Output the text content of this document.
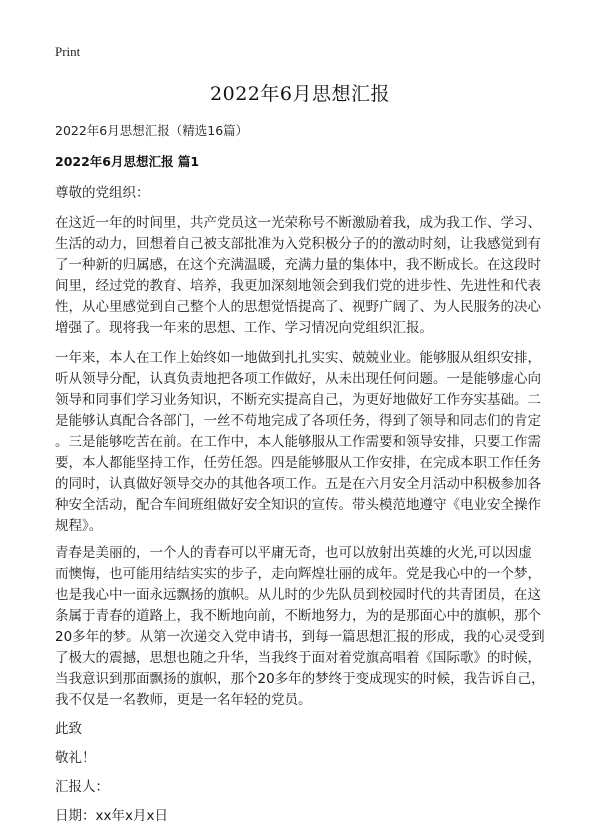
Print
2022年6月思想汇报
2022年6月思想汇报（精选16篇）
2022年6月思想汇报 篇1
尊敬的党组织：
在这近一年的时间里，共产党员这一光荣称号不断激励着我，成为我工作、学习、
生活的动力，回想着自己被支部批准为入党积极分子的的激动时刻，让我感觉到有
了一种新的归属感，在这个充满温暖，充满力量的集体中，我不断成长。在这段时
间里，经过党的教育、培养，我更加深刻地领会到我们党的进步性、先进性和代表
性，从心里感觉到自己整个人的思想觉悟提高了、视野广阔了、为人民服务的决心
增强了。现将我一年来的思想、工作、学习情况向党组织汇报。
一年来，本人在工作上始终如一地做到扎扎实实、兢兢业业。能够服从组织安排，
听从领导分配，认真负责地把各项工作做好，从未出现任何问题。一是能够虚心向
领导和同事们学习业务知识，不断充实提高自己，为更好地做好工作夯实基础。二
是能够认真配合各部门，一丝不苟地完成了各项任务，得到了领导和同志们的肯定
。三是能够吃苦在前。在工作中，本人能够服从工作需要和领导安排，只要工作需
要，本人都能坚持工作，任劳任怨。四是能够服从工作安排，在完成本职工作任务
的同时，认真做好领导交办的其他各项工作。五是在六月安全月活动中积极参加各
种安全活动，配合车间班组做好安全知识的宣传。带头模范地遵守《电业安全操作
规程》。
青春是美丽的，一个人的青春可以平庸无奇，也可以放射出英雄的火光,可以因虚
而懊悔，也可能用结结实实的步子，走向辉煌壮丽的成年。党是我心中的一个梦，
也是我心中一面永远飘扬的旗帜。从儿时的少先队员到校园时代的共青团员，在这
条属于青春的道路上，我不断地向前，不断地努力，为的是那面心中的旗帜，那个
20多年的梦。从第一次递交入党申请书，到每一篇思想汇报的形成，我的心灵受到
了极大的震撼，思想也随之升华，当我终于面对着党旗高唱着《国际歌》的时候，
当我意识到那面飘扬的旗帜，那个20多年的梦终于变成现实的时候，我告诉自己，
我不仅是一名教师，更是一名年轻的党员。
此致
敬礼！
汇报人：
日期：xx年x月x日
